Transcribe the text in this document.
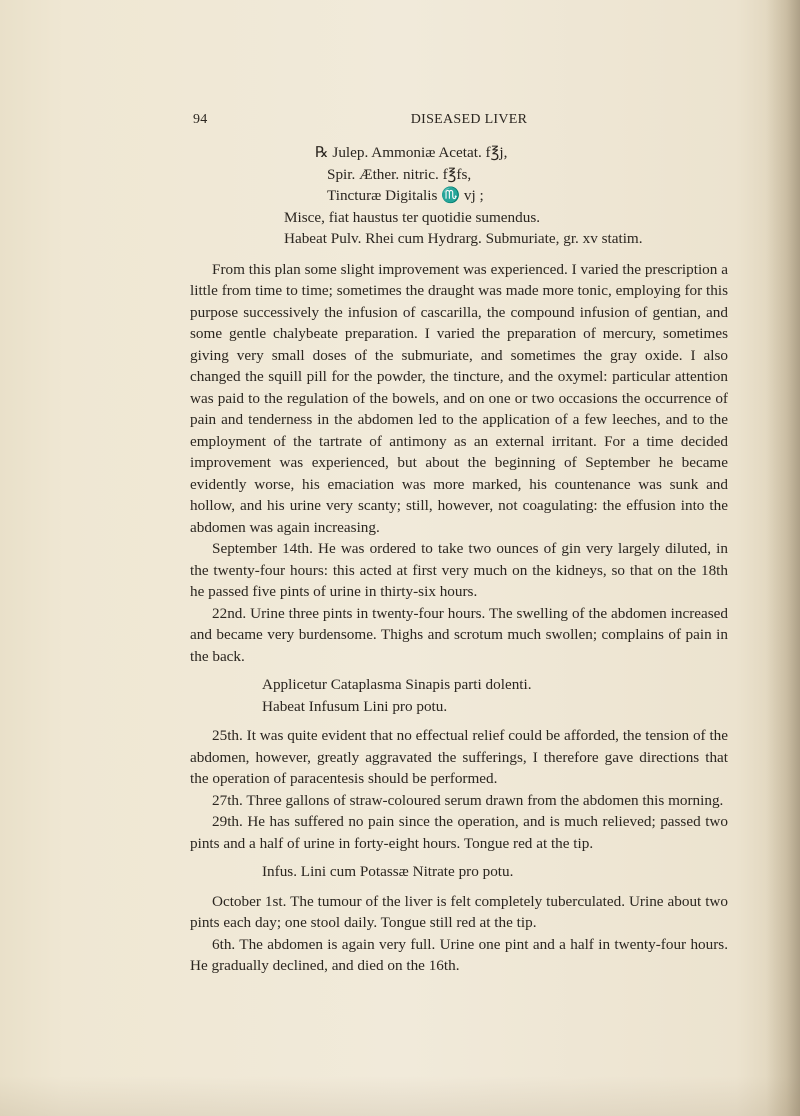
94	DISEASED LIVER
℞ Julep. Ammoniæ Acetat. f℥j,
Spir. Æther. nitric. f℥fs,
Tincturæ Digitalis ♏ vj ;
Misce, fiat haustus ter quotidie sumendus.
Habeat Pulv. Rhei cum Hydrarg. Submuriate, gr. xv statim.

From this plan some slight improvement was experienced. I varied the prescription a little from time to time; sometimes the draught was made more tonic, employing for this purpose successively the infusion of cascarilla, the compound infusion of gentian, and some gentle chalybeate preparation. I varied the preparation of mercury, sometimes giving very small doses of the submuriate, and sometimes the gray oxide. I also changed the squill pill for the powder, the tincture, and the oxymel: particular attention was paid to the regulation of the bowels, and on one or two occasions the occurrence of pain and tenderness in the abdomen led to the application of a few leeches, and to the employment of the tartrate of antimony as an external irritant. For a time decided improvement was experienced, but about the beginning of September he became evidently worse, his emaciation was more marked, his countenance was sunk and hollow, and his urine very scanty; still, however, not coagulating: the effusion into the abdomen was again increasing.

September 14th. He was ordered to take two ounces of gin very largely diluted, in the twenty-four hours: this acted at first very much on the kidneys, so that on the 18th he passed five pints of urine in thirty-six hours.

22nd. Urine three pints in twenty-four hours. The swelling of the abdomen increased and became very burdensome. Thighs and scrotum much swollen; complains of pain in the back.

Applicetur Cataplasma Sinapis parti dolenti.
Habeat Infusum Lini pro potu.

25th. It was quite evident that no effectual relief could be afforded, the tension of the abdomen, however, greatly aggravated the sufferings, I therefore gave directions that the operation of paracentesis should be performed.

27th. Three gallons of straw-coloured serum drawn from the abdomen this morning.

29th. He has suffered no pain since the operation, and is much relieved; passed two pints and a half of urine in forty-eight hours. Tongue red at the tip.

Infus. Lini cum Potassæ Nitrate pro potu.

October 1st. The tumour of the liver is felt completely tuberculated. Urine about two pints each day; one stool daily. Tongue still red at the tip.

6th. The abdomen is again very full. Urine one pint and a half in twenty-four hours. He gradually declined, and died on the 16th.
